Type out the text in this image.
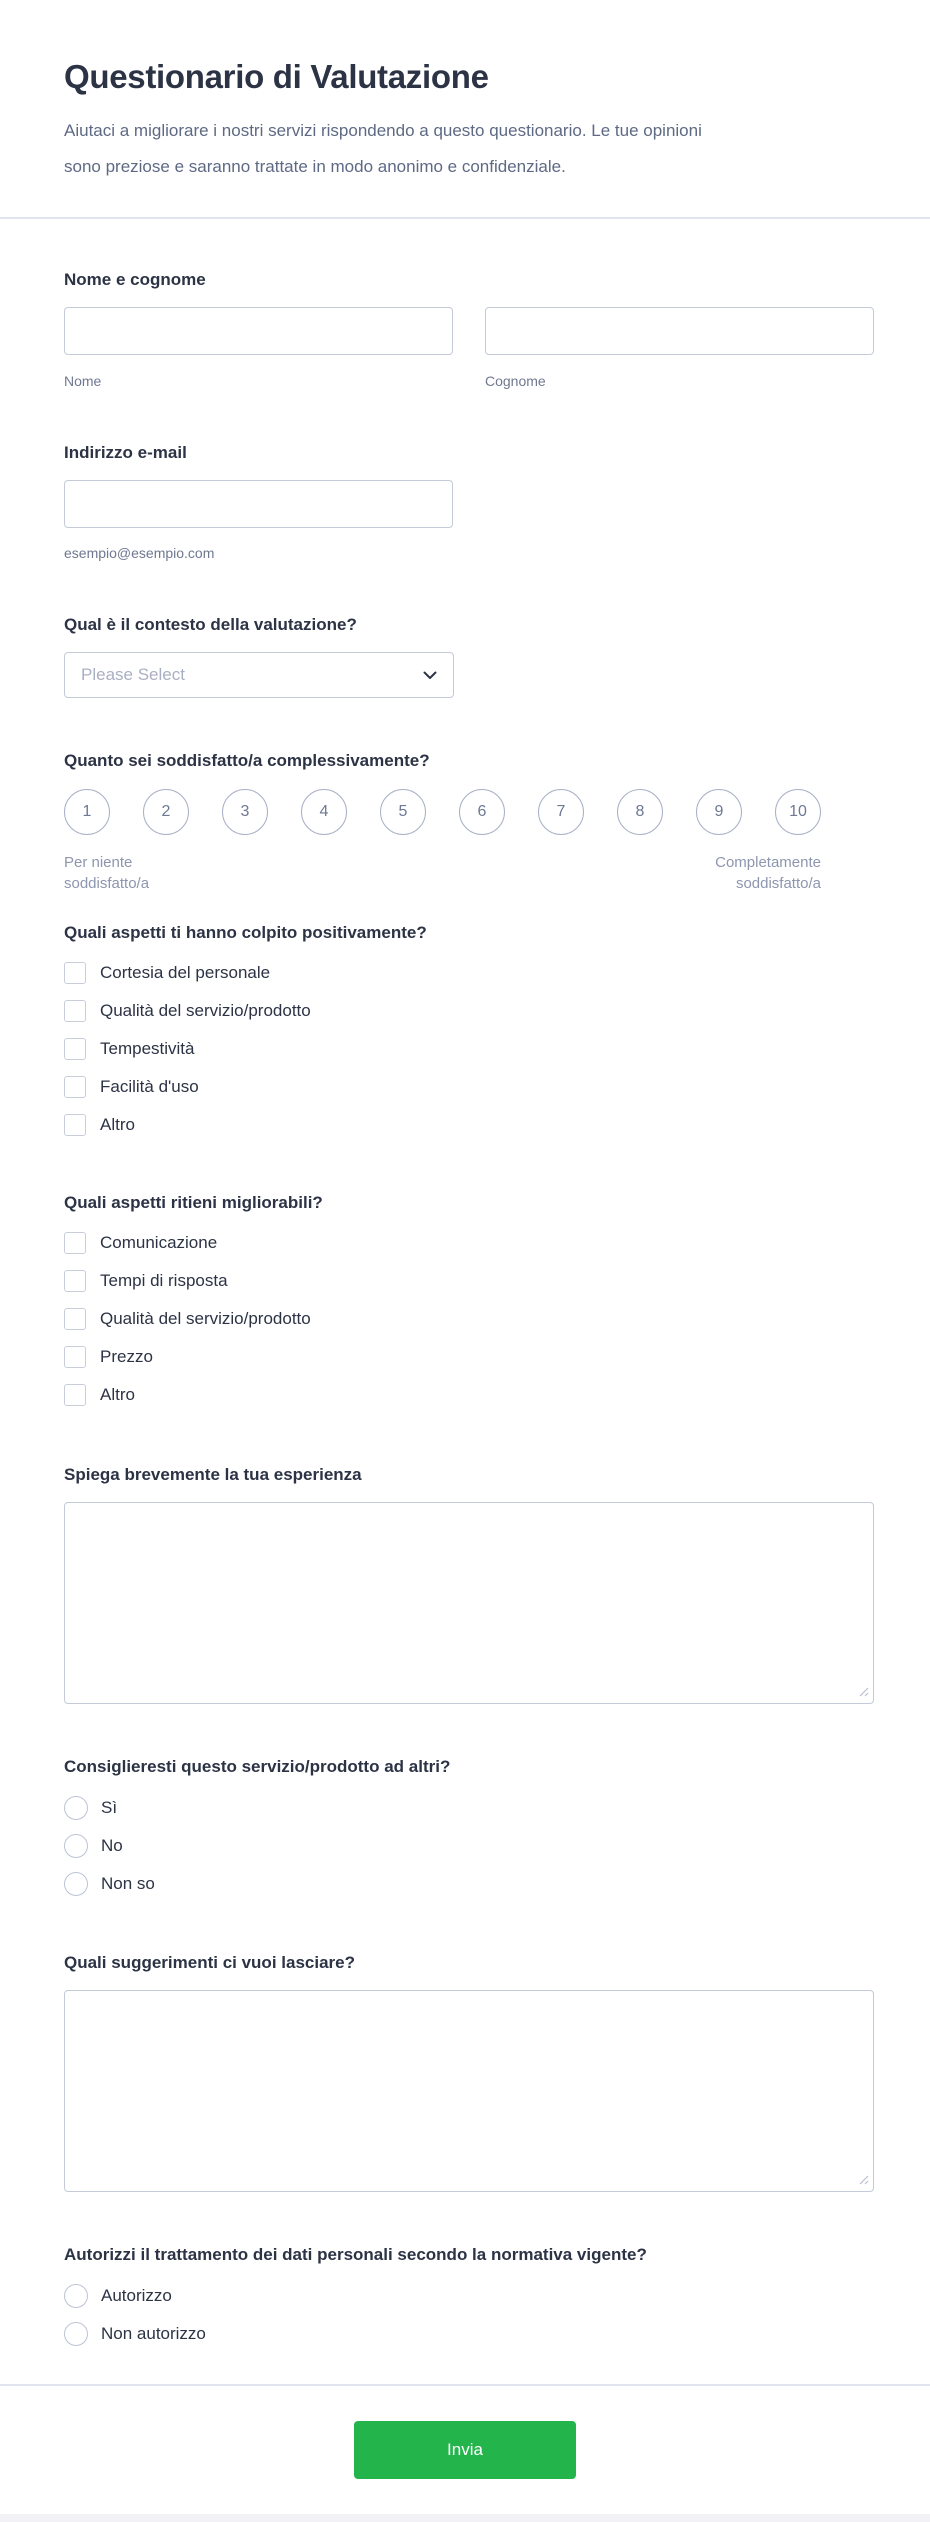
Questionario di Valutazione

Aiutaci a migliorare i nostri servizi rispondendo a questo questionario. Le tue opinioni sono preziose e saranno trattate in modo anonimo e confidenziale.

Nome e cognome
Nome	Cognome
Indirizzo e-mail
esempio@esempio.com
Qual è il contesto della valutazione?
Please Select
Quanto sei soddisfatto/a complessivamente?
1	2	3	4	5	6	7	8	9	10
Per niente soddisfatto/a
Completamente soddisfatto/a
Quali aspetti ti hanno colpito positivamente?
Cortesia del personale
Qualità del servizio/prodotto
Tempestività
Facilità d'uso
Altro
Quali aspetti ritieni migliorabili?
Comunicazione
Tempi di risposta
Qualità del servizio/prodotto
Prezzo
Altro
Spiega brevemente la tua esperienza
Consiglieresti questo servizio/prodotto ad altri?
Sì
No
Non so
Quali suggerimenti ci vuoi lasciare?
Autorizzi il trattamento dei dati personali secondo la normativa vigente?
Autorizzo
Non autorizzo
Invia
